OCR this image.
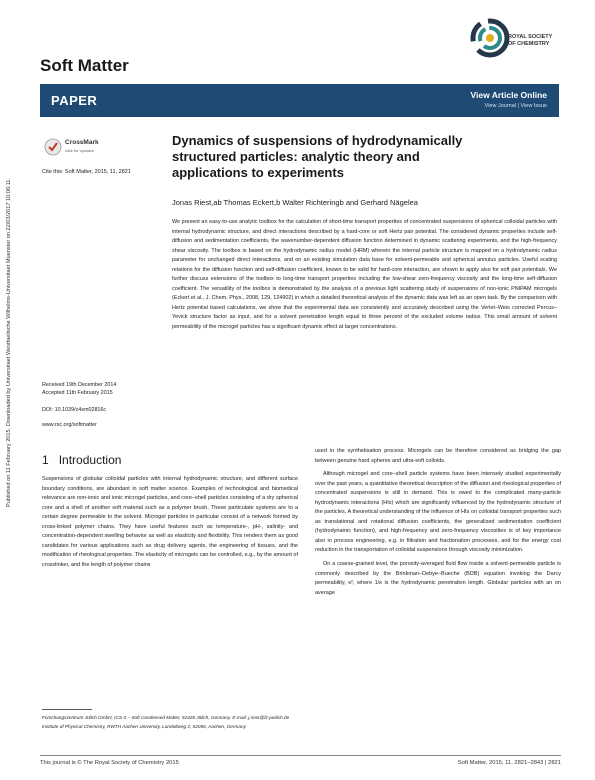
Published on 11 February 2015. Downloaded by Universitaet Westfaelische Wilhelms-Universitaet Muenster on 22/03/2017 10:06:11.
Soft Matter
ROYAL SOCIETY
OF CHEMISTRY
PAPER	View Article Online
View Journal | View Issue
CrossMark
click for updates
Cite this: Soft Matter, 2015, 11, 2821
Dynamics of suspensions of hydrodynamically structured particles: analytic theory and applications to experiments
Jonas Riest,ab Thomas Eckert,b Walter Richteringb and Gerhard Nägelea
We present an easy-to-use analytic toolbox for the calculation of short-time transport properties of concentrated suspensions of spherical colloidal particles with internal hydrodynamic structure, and direct interactions described by a hard-core or soft Hertz pair potential. The considered dynamic properties include self-diffusion and sedimentation coefficients, the wavenumber-dependent diffusion function determined in dynamic scattering experiments, and the high-frequency shear viscosity. The toolbox is based on the hydrodynamic radius model (HRM) wherein the internal particle structure is mapped on a hydrodynamic radius parameter for unchanged direct interactions, and on an existing simulation data base for solvent-permeable and spherical annulus particles. Useful scaling relations for the diffusion function and self-diffusion coefficient, known to be valid for hard-core interaction, are shown to apply also for soft pair potentials. We further discuss extensions of the toolbox to long-time transport properties including the low-shear zero-frequency viscosity and the long-time self-diffusion coefficient. The versatility of the toolbox is demonstrated by the analysis of a previous light scattering study of suspensions of non-ionic PNIPAM microgels (Eckert et al., J. Chem. Phys., 2008, 129, 124902) in which a detailed theoretical analysis of the dynamic data was left as an open task. By the comparison with Hertz potential based calculations, we show that the experimental data are consistently and accurately described using the Verlet–Weis corrected Percus–Yevick structure factor as input, and for a solvent penetration length equal to three percent of the excluded volume radius. This small amount of solvent permeability of the microgel particles has a significant dynamic effect at larger concentrations.
Received 19th December 2014
Accepted 11th February 2015
DOI: 10.1039/c4sm02816c
www.rsc.org/softmatter
1 Introduction
Suspensions of globular colloidal particles with internal hydrodynamic structure, and different surface boundary conditions, are abundant in soft matter science. Examples of technological and biomedical relevance are non-ionic and ionic microgel particles, and core–shell particles consisting of a dry spherical core and a shell of another soft material such as a polymer brush. These particulate systems are to a certain degree permeable to the solvent. Microgel particles in particular consist of a network formed by cross-linked polymer chains. They have useful features such as temperature-, pH-, salinity- and concentration-dependent swelling behavior as well as elasticity and flexibility. This renders them as good candidates for various applications such as drug delivery agents, the engineering of tissues, and the modification of rheological properties. The elasticity of microgels can be controlled, e.g., by the amount of crosslinker, and the length of polymer chains

used in the synthetisation process. Microgels can be therefore considered as bridging the gap between genuine hard spheres and ultra-soft colloids.

Although microgel and core–shell particle systems have been intensely studied experimentally over the past years, a quantitative theoretical description of the diffusion and rheological properties of concentrated suspensions is still in demand. This is owed to the complicated many-particle hydrodynamic interactions (HIs) which are significantly influenced by the hydrodynamic structure of the particles. A theoretical understanding of the influence of HIs on colloidal transport properties such as translational and rotational diffusion coefficients, the generalized sedimentation coefficient (hydrodynamic function), and high-frequency and zero-frequency viscosities is of key importance also in process engineering, e.g. in filtration and fractionation processes, and for the energy cost reduction in the transportation of colloidal suspensions through viscosity minimization.

On a coarse-grained level, the porosity-averaged fluid flow inside a solvent-permeable particle is commonly described by the Brinkman–Debye–Bueche (BDB) equation invoking the Darcy permeability, κ², where 1/κ is the hydrodynamic penetration length. Globular particles with an on average

Forschungszentrum Jülich GmbH, ICS-3 – Soft Condensed Matter, 52428 Jülich, Germany. E-mail: j.riest@fz-juelich.de

Institute of Physical Chemistry, RWTH Aachen University, Landoltweg 2, 52056, Aachen, Germany

This journal is © The Royal Society of Chemistry 2015	Soft Matter, 2015, 11, 2821–2843 | 2821
